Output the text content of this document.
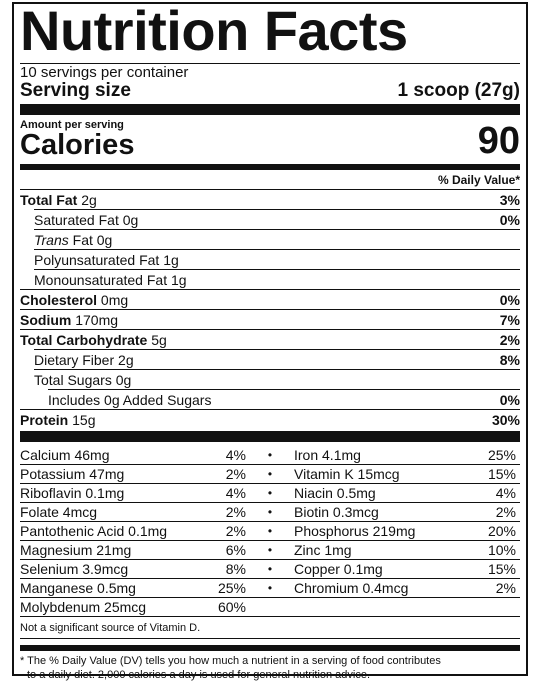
Nutrition Facts
10 servings per container
Serving size	1 scoop (27g)
Amount per serving
Calories	90
% Daily Value*
Total Fat 2g	3%
Saturated Fat 0g	0%
Trans Fat 0g
Polyunsaturated Fat 1g
Monounsaturated Fat 1g
Cholesterol 0mg	0%
Sodium 170mg	7%
Total Carbohydrate 5g	2%
Dietary Fiber 2g	8%
Total Sugars 0g
Includes 0g Added Sugars	0%
Protein 15g	30%
Calcium 46mg	4%	•	Iron 4.1mg	25%
Potassium 47mg	2%	•	Vitamin K 15mcg	15%
Riboflavin 0.1mg	4%	•	Niacin 0.5mg	4%
Folate 4mcg	2%	•	Biotin 0.3mcg	2%
Pantothenic Acid 0.1mg	2%	•	Phosphorus 219mg	20%
Magnesium 21mg	6%	•	Zinc 1mg	10%
Selenium 3.9mcg	8%	•	Copper 0.1mg	15%
Manganese 0.5mg	25%	•	Chromium 0.4mcg	2%
Molybdenum 25mcg	60%
Not a significant source of Vitamin D.
* The % Daily Value (DV) tells you how much a nutrient in a serving of food contributes
to a daily diet. 2,000 calories a day is used for general nutrition advice.
